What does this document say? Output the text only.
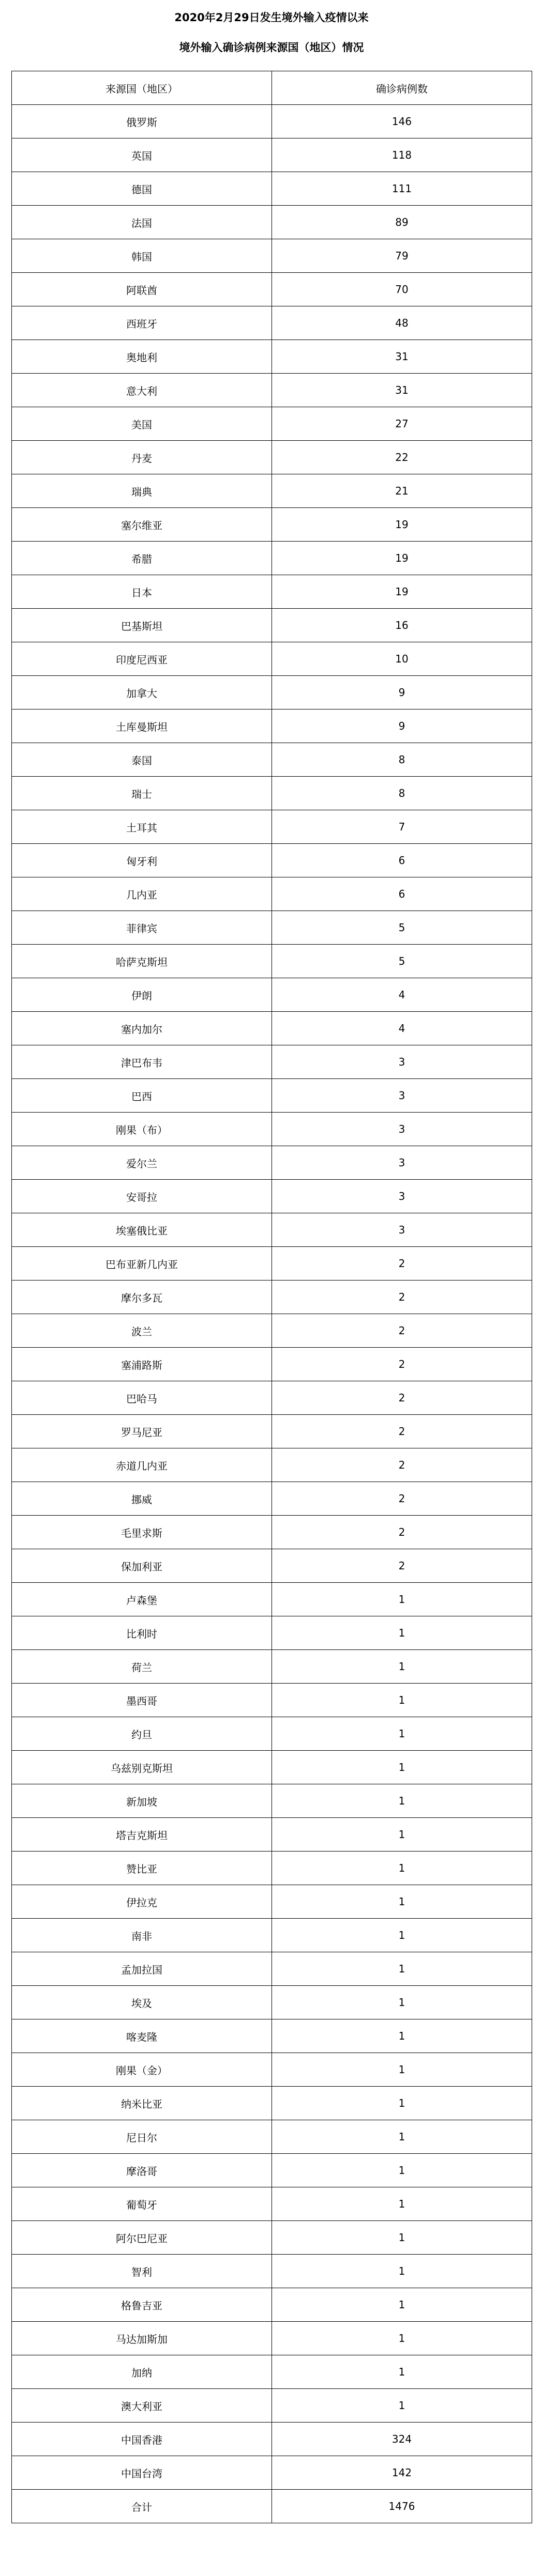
2020年2月29日发生境外输入疫情以来
境外输入确诊病例来源国（地区）情况
来源国（地区）	确诊病例数
俄罗斯	146
英国	118
德国	111
法国	89
韩国	79
阿联酋	70
西班牙	48
奥地利	31
意大利	31
美国	27
丹麦	22
瑞典	21
塞尔维亚	19
希腊	19
日本	19
巴基斯坦	16
印度尼西亚	10
加拿大	9
土库曼斯坦	9
泰国	8
瑞士	8
土耳其	7
匈牙利	6
几内亚	6
菲律宾	5
哈萨克斯坦	5
伊朗	4
塞内加尔	4
津巴布韦	3
巴西	3
刚果（布）	3
爱尔兰	3
安哥拉	3
埃塞俄比亚	3
巴布亚新几内亚	2
摩尔多瓦	2
波兰	2
塞浦路斯	2
巴哈马	2
罗马尼亚	2
赤道几内亚	2
挪威	2
毛里求斯	2
保加利亚	2
卢森堡	1
比利时	1
荷兰	1
墨西哥	1
约旦	1
乌兹别克斯坦	1
新加坡	1
塔吉克斯坦	1
赞比亚	1
伊拉克	1
南非	1
孟加拉国	1
埃及	1
喀麦隆	1
刚果（金）	1
纳米比亚	1
尼日尔	1
摩洛哥	1
葡萄牙	1
阿尔巴尼亚	1
智利	1
格鲁吉亚	1
马达加斯加	1
加纳	1
澳大利亚	1
中国香港	324
中国台湾	142
合计	1476
